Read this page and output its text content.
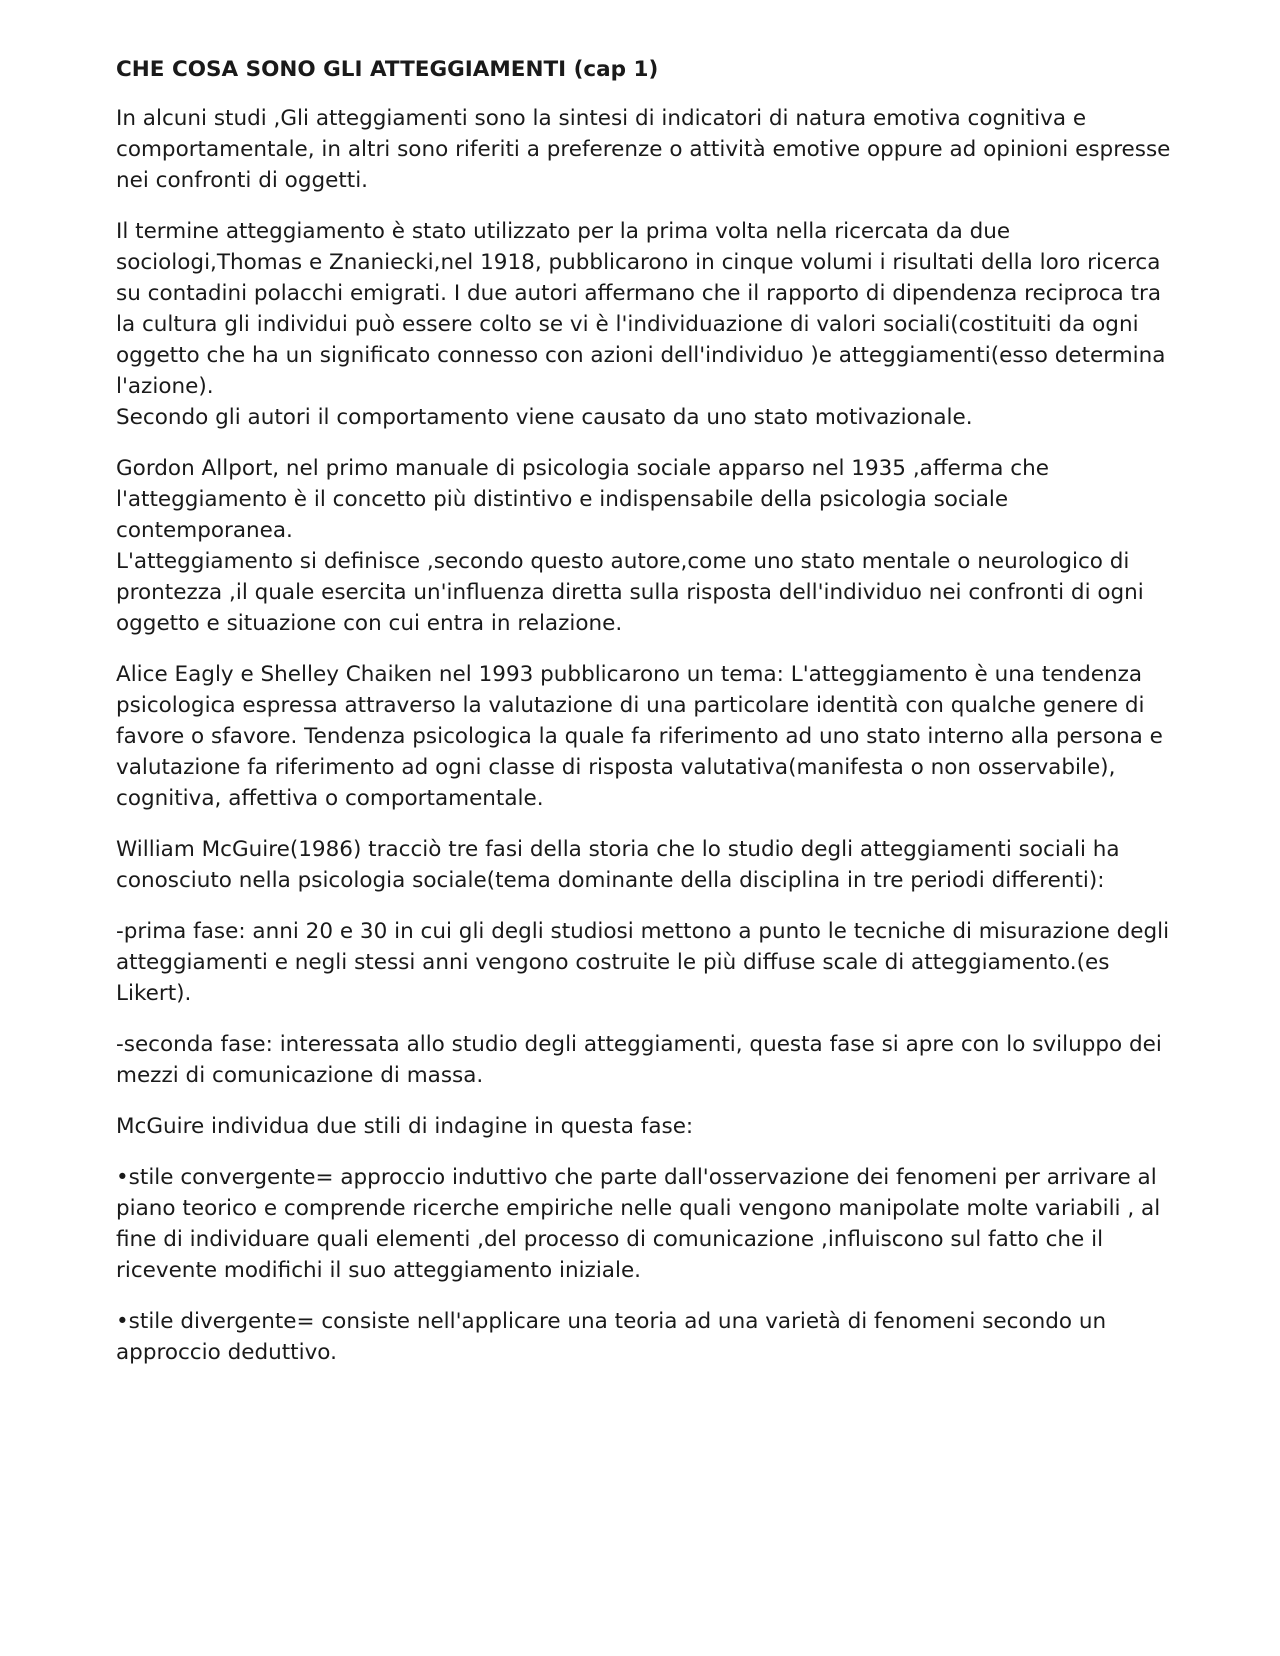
CHE COSA SONO GLI ATTEGGIAMENTI (cap 1)
In alcuni studi ,Gli atteggiamenti sono la sintesi di indicatori di natura emotiva cognitiva e comportamentale, in altri sono riferiti a preferenze o attività emotive oppure ad opinioni espresse nei confronti di oggetti.
Il termine atteggiamento è stato utilizzato per la prima volta nella ricercata da due sociologi,Thomas e Znaniecki,nel 1918, pubblicarono in cinque volumi i risultati della loro ricerca su contadini polacchi emigrati. I due autori affermano che il rapporto di dipendenza reciproca tra la cultura gli individui può essere colto se vi è l'individuazione di valori sociali(costituiti da ogni oggetto che ha un significato connesso con azioni dell'individuo )e atteggiamenti(esso determina l'azione).
Secondo gli autori il comportamento viene causato da uno stato motivazionale.
Gordon Allport, nel primo manuale di psicologia sociale apparso nel 1935 ,afferma che l'atteggiamento è il concetto più distintivo e indispensabile della psicologia sociale contemporanea.
L'atteggiamento si definisce ,secondo questo autore,come uno stato mentale o neurologico di prontezza ,il quale esercita un'influenza diretta sulla risposta dell'individuo nei confronti di ogni oggetto e situazione con cui entra in relazione.
Alice Eagly e Shelley Chaiken nel 1993 pubblicarono un tema: L'atteggiamento è una tendenza psicologica espressa attraverso la valutazione di una particolare identità con qualche genere di favore o sfavore. Tendenza psicologica la quale fa riferimento ad uno stato interno alla persona e valutazione fa riferimento ad ogni classe di risposta valutativa(manifesta o non osservabile), cognitiva, affettiva o comportamentale.
William McGuire(1986) tracciò tre fasi della storia che lo studio degli atteggiamenti sociali ha conosciuto nella psicologia sociale(tema dominante della disciplina in tre periodi differenti):
-prima fase: anni 20 e 30 in cui gli degli studiosi mettono a punto le tecniche di misurazione degli atteggiamenti e negli stessi anni vengono costruite le più diffuse scale di atteggiamento.(es Likert).
-seconda fase: interessata allo studio degli atteggiamenti, questa fase si apre con lo sviluppo dei mezzi di comunicazione di massa.
McGuire individua due stili di indagine in questa fase:
•stile convergente= approccio induttivo che parte dall'osservazione dei fenomeni per arrivare al piano teorico e comprende ricerche empiriche nelle quali vengono manipolate molte variabili , al fine di individuare quali elementi ,del processo di comunicazione ,influiscono sul fatto che il ricevente modifichi il suo atteggiamento iniziale.
•stile divergente= consiste nell'applicare una teoria ad una varietà di fenomeni secondo un approccio deduttivo.
